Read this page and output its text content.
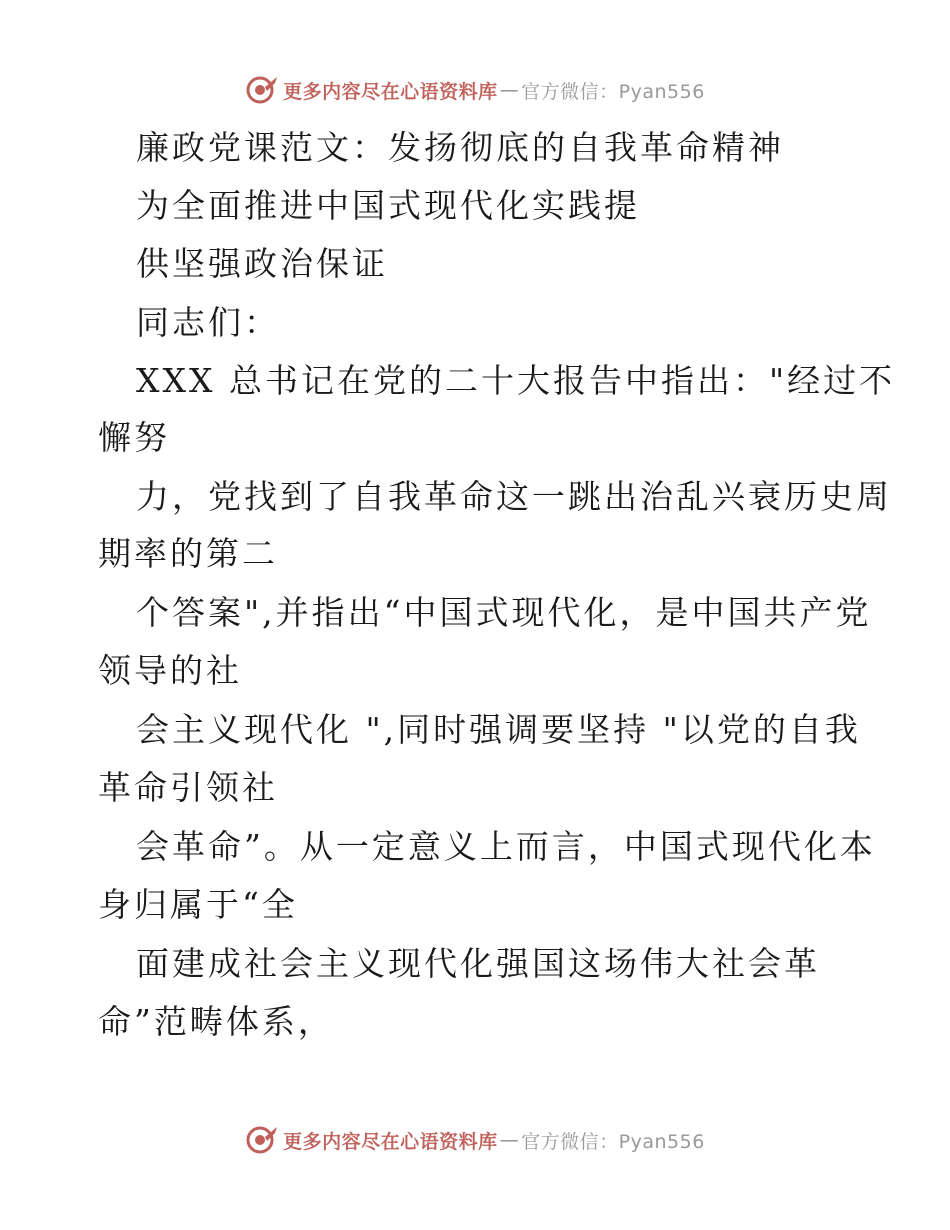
更多内容尽在心语资料库 — 官方微信：Pyan556
廉政党课范文：发扬彻底的自我革命精神
为全面推进中国式现代化实践提
供坚强政治保证
同志们：
XXX 总书记在党的二十大报告中指出："经过不
懈努
力，党找到了自我革命这一跳出治乱兴衰历史周
期率的第二
个答案",并指出“中国式现代化，是中国共产党
领导的社
会主义现代化 ",同时强调要坚持 "以党的自我
革命引领社
会革命”。从一定意义上而言，中国式现代化本
身归属于“全
面建成社会主义现代化强国这场伟大社会革
命”范畴体系，
更多内容尽在心语资料库 — 官方微信：Pyan556
